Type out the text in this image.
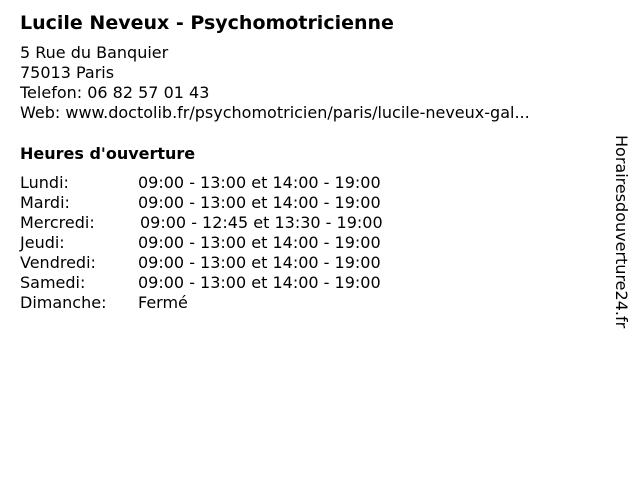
Lucile Neveux - Psychomotricienne
5 Rue du Banquier
75013 Paris
Telefon: 06 82 57 01 43
Web: www.doctolib.fr/psychomotricien/paris/lucile-neveux-gal...
Heures d'ouverture
Lundi:	09:00 - 13:00 et 14:00 - 19:00
Mardi:	09:00 - 13:00 et 14:00 - 19:00
Mercredi:	09:00 - 12:45 et 13:30 - 19:00
Jeudi:	09:00 - 13:00 et 14:00 - 19:00
Vendredi:	09:00 - 13:00 et 14:00 - 19:00
Samedi:	09:00 - 13:00 et 14:00 - 19:00
Dimanche: Fermé	Horairesdouverture24.fr
